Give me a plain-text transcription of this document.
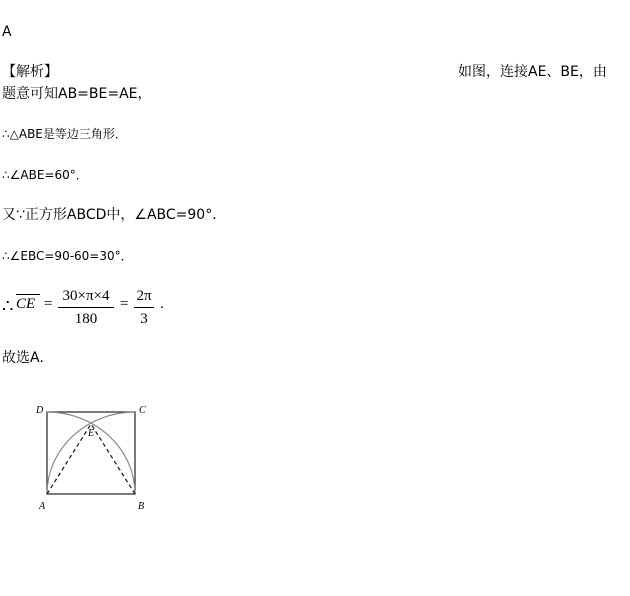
A
【解析】	如图，连接AE、BE，由
题意可知AB=BE=AE，
∴△ABE是等边三角形．
∴∠ABE=60°．
又∵正方形ABCD中，∠ABC=90°．
∴∠EBC=90-60=30°．
∴ CE = 30×π×4
180
= 2π
3
.
故选A.
D	C
E
A	B
